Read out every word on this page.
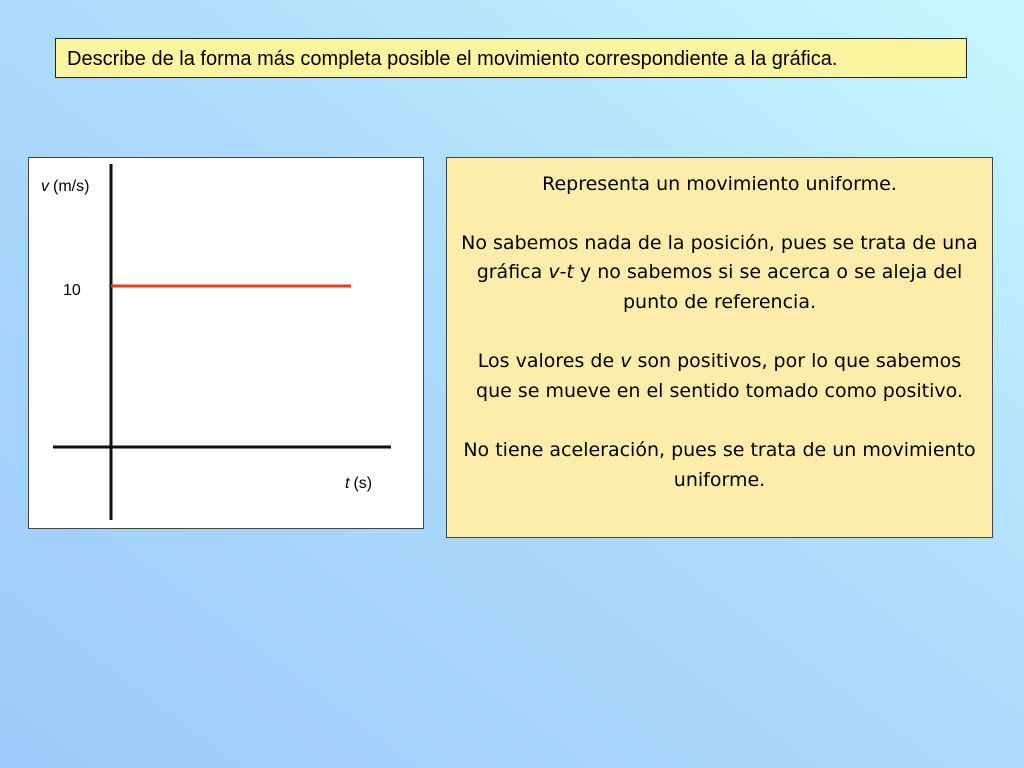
Describe de la forma más completa posible el movimiento correspondiente a la gráfica.
v (m/s)
10
t (s)

Representa un movimiento uniforme.

No sabemos nada de la posición, pues se trata de una gráfica v-t y no sabemos si se acerca o se aleja del punto de referencia.

Los valores de v son positivos, por lo que sabemos que se mueve en el sentido tomado como positivo.

No tiene aceleración, pues se trata de un movimiento uniforme.
